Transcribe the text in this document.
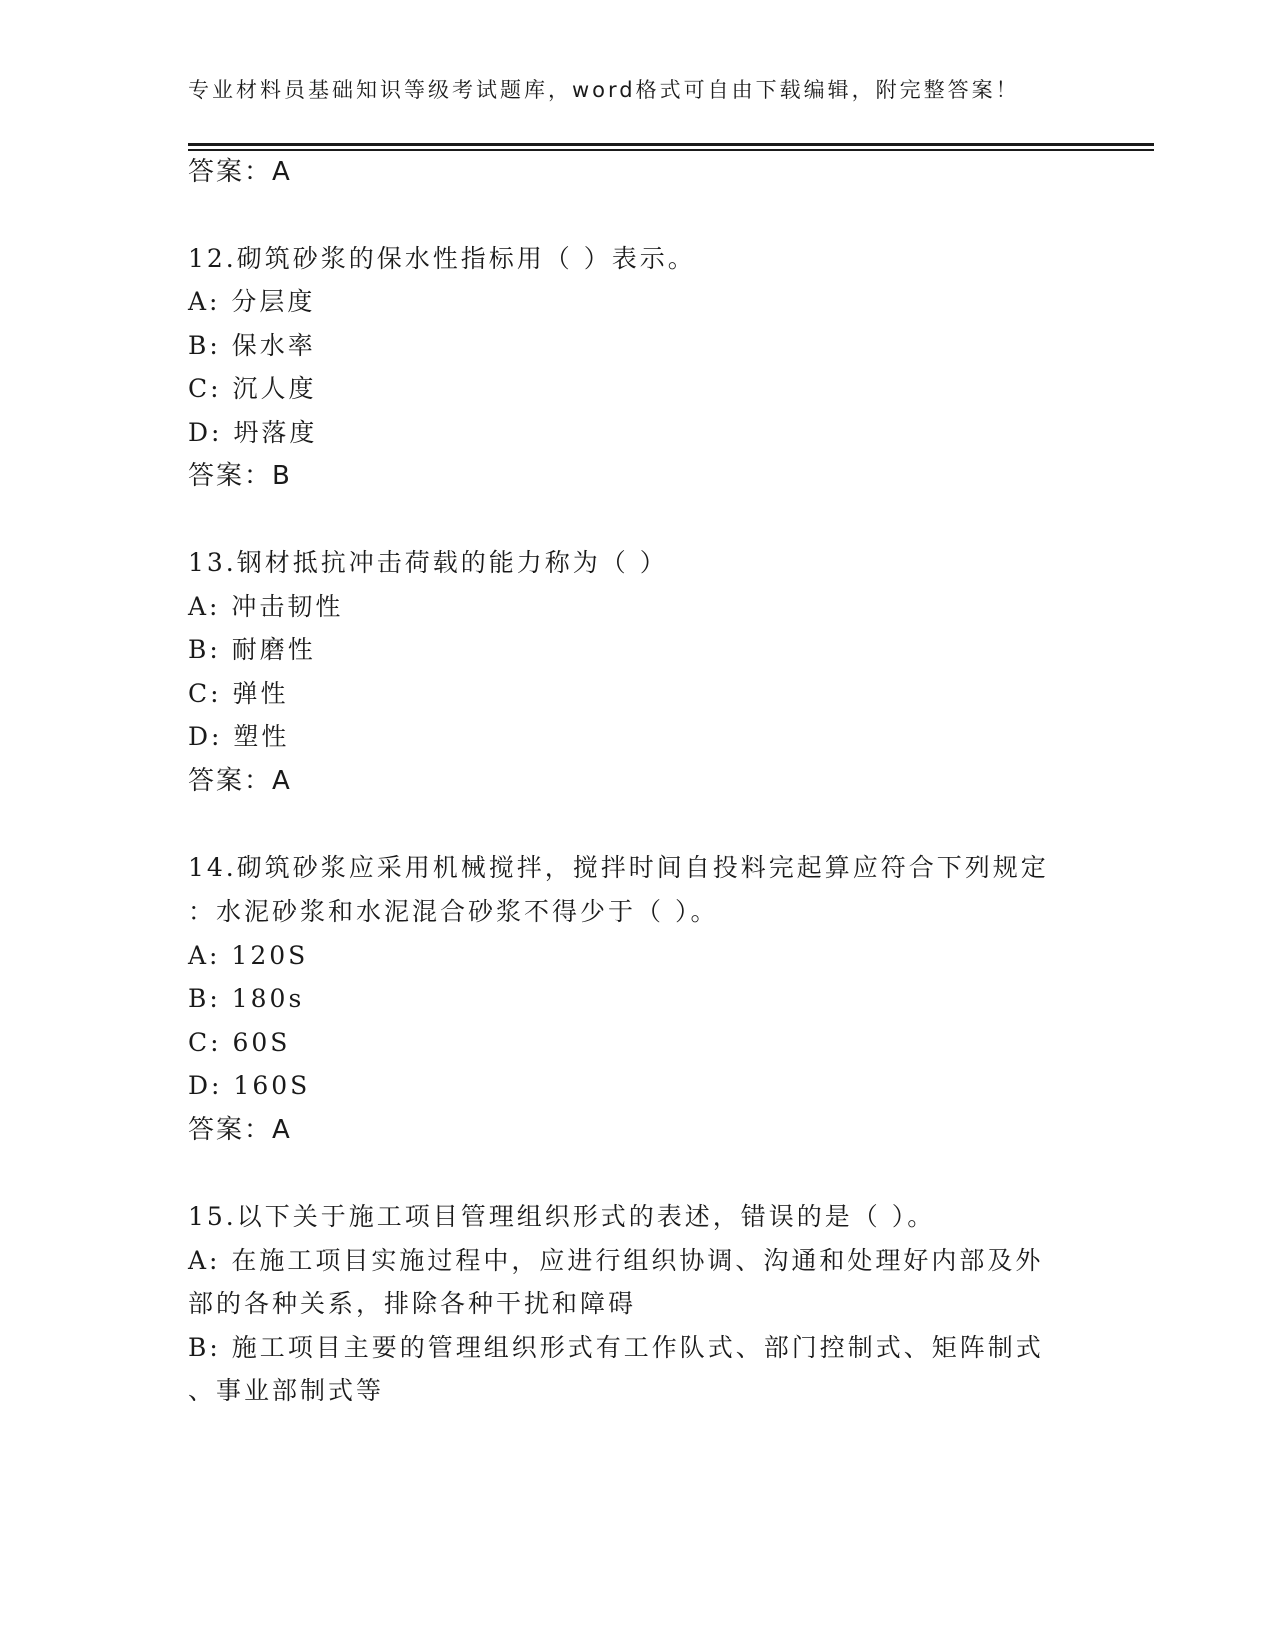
专业材料员基础知识等级考试题库，word格式可自由下载编辑，附完整答案！
答案：A
12.砌筑砂浆的保水性指标用（ ）表示。
A: 分层度
B: 保水率
C: 沉人度
D: 坍落度
答案：B
13.钢材抵抗冲击荷载的能力称为（ ）
A: 冲击韧性
B: 耐磨性
C: 弹性
D: 塑性
答案：A
14.砌筑砂浆应采用机械搅拌，搅拌时间自投料完起算应符合下列规定
：水泥砂浆和水泥混合砂浆不得少于（ ）。
A: 120S
B: 180s
C: 60S
D: 160S
答案：A
15.以下关于施工项目管理组织形式的表述，错误的是（ ）。
A: 在施工项目实施过程中，应进行组织协调、沟通和处理好内部及外
部的各种关系，排除各种干扰和障碍
B: 施工项目主要的管理组织形式有工作队式、部门控制式、矩阵制式
、事业部制式等
